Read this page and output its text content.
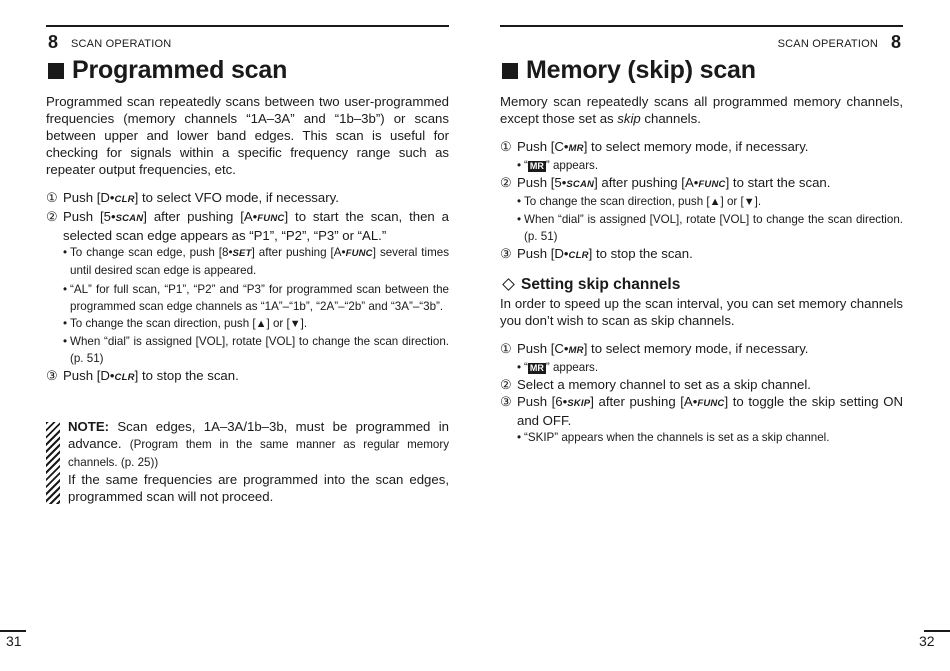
8 SCAN OPERATION
Programmed scan

Programmed scan repeatedly scans between two user-programmed frequencies (memory channels “1A–3A” and “1b–3b”) or scans between upper and lower band edges. This scan is useful for checking for signals within a specific frequency range such as repeater output frequencies, etc.

① Push [D•CLR] to select VFO mode, if necessary.

② Push [5•SCAN] after pushing [A•FUNC] to start the scan, then a selected scan edge appears as “P1”, “P2”, “P3” or “AL.”

• To change scan edge, push [8•SET] after pushing [A•FUNC] several times until desired scan edge is appeared.

• “AL” for full scan, “P1”, “P2” and “P3” for programmed scan between the programmed scan edge channels as “1A”–“1b”, “2A”–“2b” and “3A”–“3b”.

• To change the scan direction, push [▲] or [▼].

• When “dial” is assigned [VOL], rotate [VOL] to change the scan direction. (p. 51)

③ Push [D•CLR] to stop the scan.

NOTE: Scan edges, 1A–3A/1b–3b, must be programmed in advance. (Program them in the same manner as regular memory channels. (p. 25))

If the same frequencies are programmed into the scan edges, programmed scan will not proceed.

SCAN OPERATION 8
Memory (skip) scan

Memory scan repeatedly scans all programmed memory channels, except those set as skip channels.

① Push [C•MR] to select memory mode, if necessary.

• “ MR ” appears.

② Push [5•SCAN] after pushing [A•FUNC] to start the scan.

• To change the scan direction, push [▲] or [▼].

• When “dial” is assigned [VOL], rotate [VOL] to change the scan direction. (p. 51)

③ Push [D•CLR] to stop the scan.

Setting skip channels

In order to speed up the scan interval, you can set memory channels you don’t wish to scan as skip channels.

① Push [C•MR] to select memory mode, if necessary.

• “ MR ” appears.

② Select a memory channel to set as a skip channel.

③ Push [6•SKIP] after pushing [A•FUNC] to toggle the skip setting ON and OFF.

• “SKIP” appears when the channels is set as a skip channel.

31	32
